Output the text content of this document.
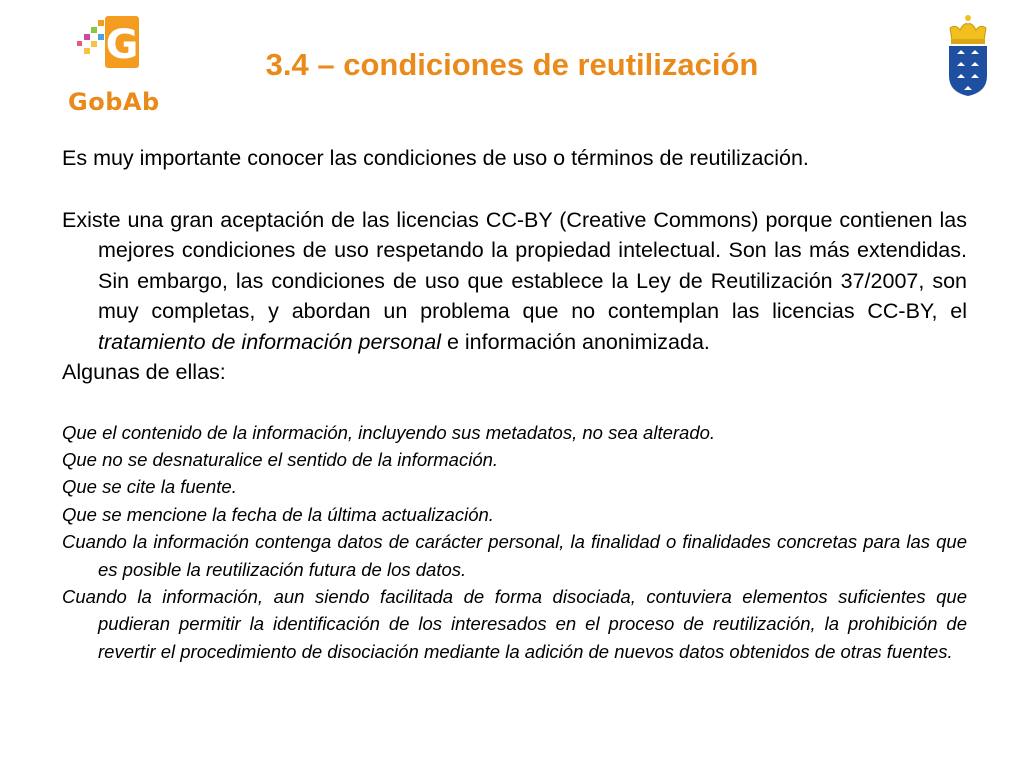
G
GobAb
3.4 – condiciones de reutilización

Es muy importante conocer las condiciones de uso o términos de reutilización.

Existe una gran aceptación de las licencias CC-BY (Creative Commons) porque contienen las mejores condiciones de uso respetando la propiedad intelectual. Son las más extendidas. Sin embargo, las condiciones de uso que establece la Ley de Reutilización 37/2007, son muy completas, y abordan un problema que no contemplan las licencias CC-BY, el tratamiento de información personal e información anonimizada.

Algunas de ellas:

Que el contenido de la información, incluyendo sus metadatos, no sea alterado.

Que no se desnaturalice el sentido de la información.

Que se cite la fuente.

Que se mencione la fecha de la última actualización.

Cuando la información contenga datos de carácter personal, la finalidad o finalidades concretas para las que es posible la reutilización futura de los datos.

Cuando la información, aun siendo facilitada de forma disociada, contuviera elementos suficientes que pudieran permitir la identificación de los interesados en el proceso de reutilización, la prohibición de revertir el procedimiento de disociación mediante la adición de nuevos datos obtenidos de otras fuentes.
